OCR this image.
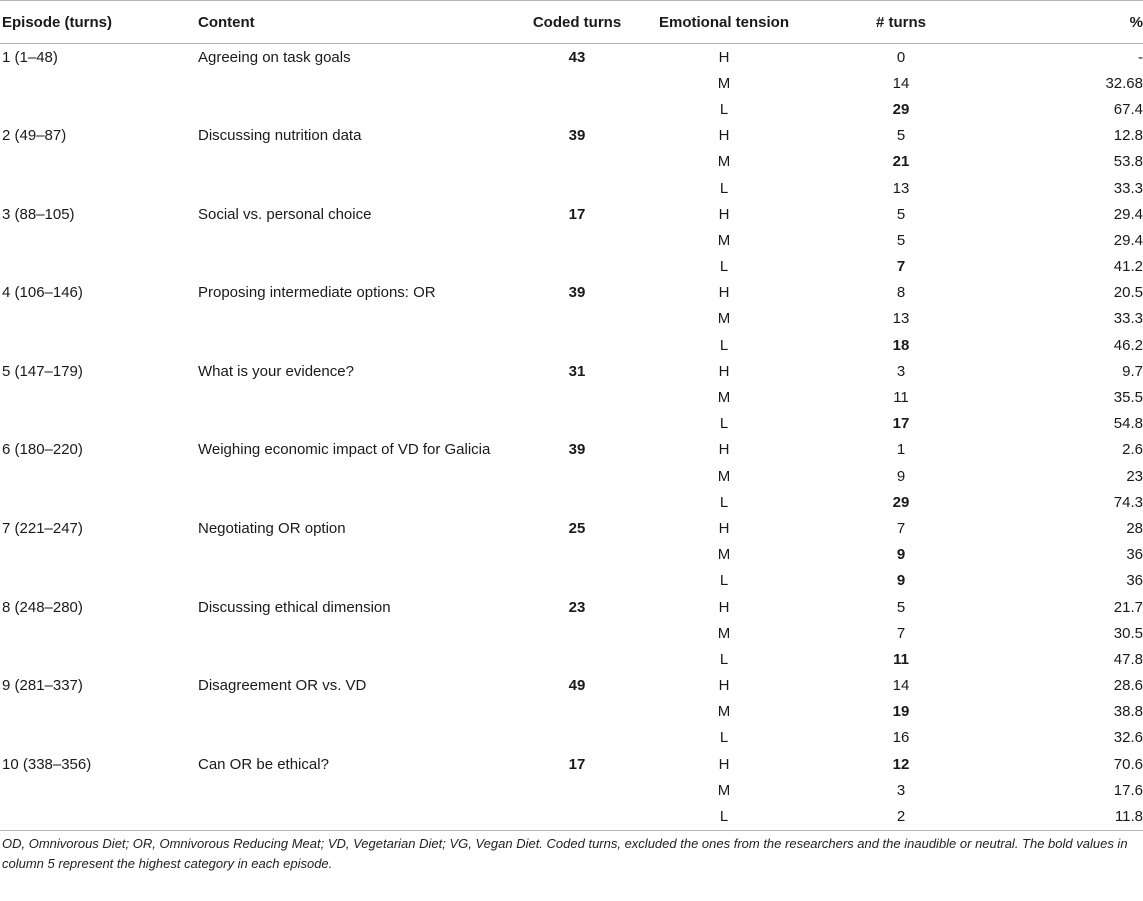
Episode (turns)	Content	Coded turns	Emotional tension	# turns	%
1 (1–48)	Agreeing on task goals	43	H	0	-
			M	14	32.68
			L	29	67.4
2 (49–87)	Discussing nutrition data	39	H	5	12.8
			M	21	53.8
			L	13	33.3
3 (88–105)	Social vs. personal choice	17	H	5	29.4
			M	5	29.4
			L	7	41.2
4 (106–146)	Proposing intermediate options: OR	39	H	8	20.5
			M	13	33.3
			L	18	46.2
5 (147–179)	What is your evidence?	31	H	3	9.7
			M	11	35.5
			L	17	54.8
6 (180–220)	Weighing economic impact of VD for Galicia	39	H	1	2.6
			M	9	23
			L	29	74.3
7 (221–247)	Negotiating OR option	25	H	7	28
			M	9	36
			L	9	36
8 (248–280)	Discussing ethical dimension	23	H	5	21.7
			M	7	30.5
			L	11	47.8
9 (281–337)	Disagreement OR vs. VD	49	H	14	28.6
			M	19	38.8
			L	16	32.6
10 (338–356)	Can OR be ethical?	17	H	12	70.6
			M	3	17.6
			L	2	11.8

OD, Omnivorous Diet; OR, Omnivorous Reducing Meat; VD, Vegetarian Diet; VG, Vegan Diet. Coded turns, excluded the ones from the researchers and the inaudible or neutral. The bold values in column 5 represent the highest category in each episode.
